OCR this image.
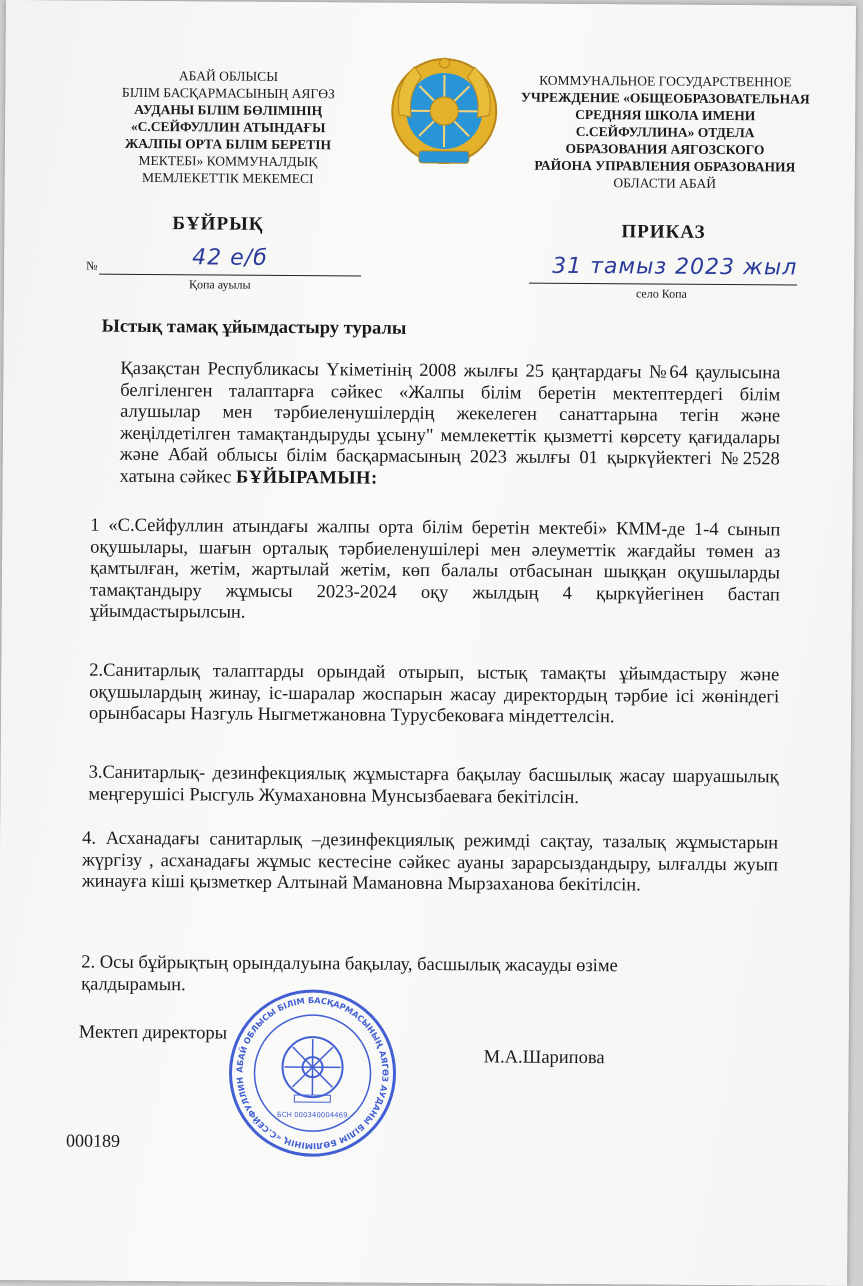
АБАЙ ОБЛЫСЫ
БІЛІМ БАСҚАРМАСЫНЫҢ АЯГӨЗ
АУДАНЫ БІЛІМ БӨЛІМІНІҢ
«С.СЕЙФУЛЛИН АТЫНДАҒЫ
ЖАЛПЫ ОРТА БІЛІМ БЕРЕТІН
МЕКТЕБІ» КОММУНАЛДЫҚ
МЕМЛЕКЕТТІК МЕКЕМЕСІ
КОММУНАЛЬНОЕ ГОСУДАРСТВЕННОЕ
УЧРЕЖДЕНИЕ «ОБЩЕОБРАЗОВАТЕЛЬНАЯ
СРЕДНЯЯ ШКОЛА ИМЕНИ
С.СЕЙФУЛЛИНА» ОТДЕЛА
ОБРАЗОВАНИЯ АЯГОЗСКОГО
РАЙОНА УПРАВЛЕНИЯ ОБРАЗОВАНИЯ
ОБЛАСТИ АБАЙ
БҰЙРЫҚ	ПРИКАЗ
№	42 е/б
Қопа ауылы
31 тамыз 2023 жыл
село Копа
Ыстық тамақ ұйымдастыру туралы
Қазақстан Республикасы Үкіметінің 2008 жылғы 25 қаңтардағы №64 қаулысына белгіленген талаптарға сәйкес «Жалпы білім беретін мектептердегі білім алушылар мен тәрбиеленушілердің жекелеген санаттарына тегін және жеңілдетілген тамақтандыруды ұсыну" мемлекеттік қызметті көрсету қағидалары және Абай облысы білім басқармасының 2023 жылғы 01 қыркүйектегі №2528 хатына сәйкес БҰЙЫРАМЫН:
1 «С.Сейфуллин атындағы жалпы орта білім беретін мектебі» КММ-де 1-4 сынып оқушылары, шағын орталық тәрбиеленушілері мен әлеуметтік жағдайы төмен аз қамтылған, жетім, жартылай жетім, көп балалы отбасынан шыққан оқушыларды тамақтандыру жұмысы 2023-2024 оқу жылдың 4 қыркүйегінен бастап ұйымдастырылсын.
2.Санитарлық талаптарды орындай отырып, ыстық тамақты ұйымдастыру және оқушылардың жинау, іс-шаралар жоспарын жасау директордың тәрбие ісі жөніндегі орынбасары Назгуль Ныгметжановна Турусбековаға міндеттелсін.
3.Санитарлық- дезинфекциялық жұмыстарға бақылау басшылық жасау шаруашылық меңгерушісі Рысгуль Жумахановна Мунсызбаеваға бекітілсін.
4. Асханадағы санитарлық –дезинфекциялық режимді сақтау, тазалық жұмыстарын жүргізу , асханадағы жұмыс кестесіне сәйкес ауаны зарарсыздандыру, ылғалды жуып жинауға кіші қызметкер Алтынай Мамановна Мырзаханова бекітілсін.
2. Осы бұйрықтың орындалуына бақылау, басшылық жасауды өзіме қалдырамын.
Мектеп директоры
М.А.Шарипова
АБАЙ ОБЛЫСЫ БІЛІМ БАСҚАРМАСЫНЫҢ АЯГӨЗ АУДАНЫ БІЛІМ БӨЛІМІНІҢ «С.СЕЙФУЛЛИН
БСН 000340004469
000189
